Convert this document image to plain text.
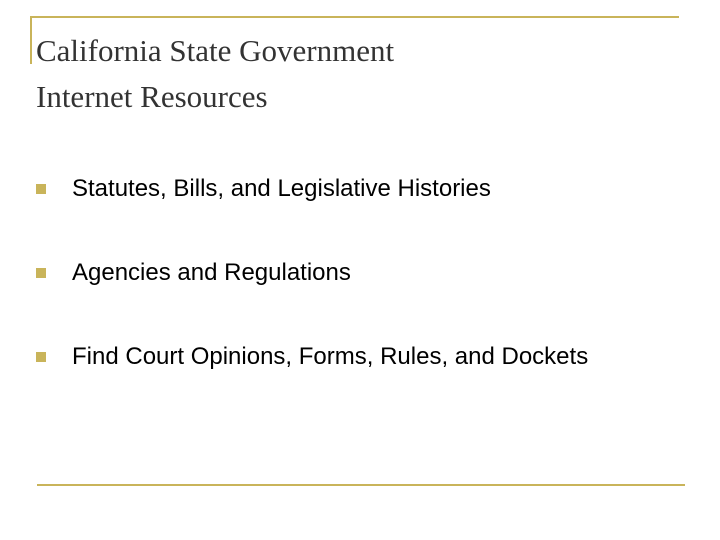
California State Government
Internet Resources
Statutes, Bills, and Legislative Histories
Agencies and Regulations
Find Court Opinions, Forms, Rules, and Dockets
